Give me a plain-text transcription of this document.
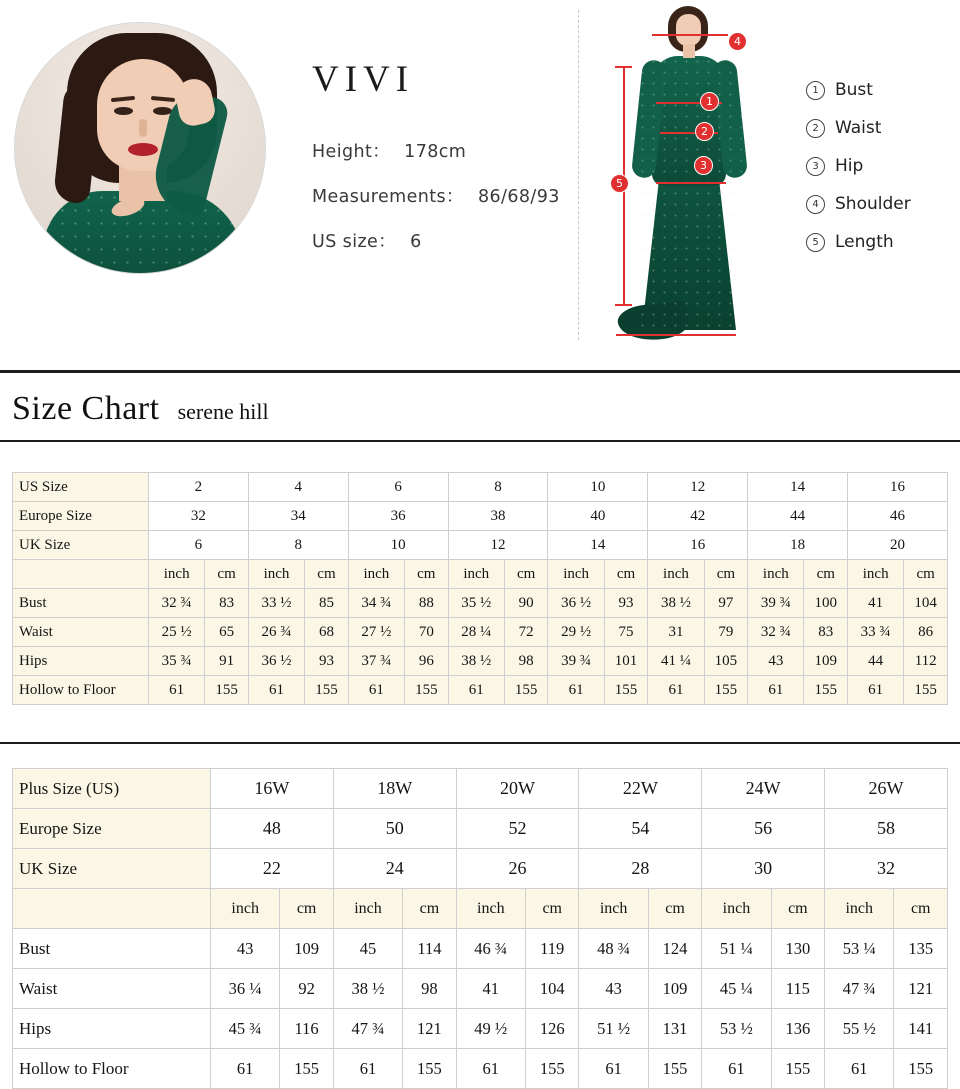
VIVI
Height： 178cm
Measurements： 86/68/93
US size： 6
1
2
3
4
5
1 Bust
2 Waist
3 Hip
4 Shoulder
5 Length
Size Chart serene hill
US Size	2		4		6		8		10		12		14		16	
Europe Size	32		34		36		38		40		42		44		46	
UK Size	6		8		10		12		14		16		18		20	
	inch	cm	inch	cm	inch	cm	inch	cm	inch	cm	inch	cm	inch	cm	inch	cm
Bust	32 ¾	83	33 ½	85	34 ¾	88	35 ½	90	36 ½	93	38 ½	97	39 ¾	100	41	104
Waist	25 ½	65	26 ¾	68	27 ½	70	28 ¼	72	29 ½	75	31	79	32 ¾	83	33 ¾	86
Hips	35 ¾	91	36 ½	93	37 ¾	96	38 ½	98	39 ¾	101	41 ¼	105	43	109	44	112
Hollow to Floor	61	155	61	155	61	155	61	155	61	155	61	155	61	155	61	155
Plus Size (US)	16W		18W		20W		22W		24W		26W	
Europe Size	48		50		52		54		56		58	
UK Size	22		24		26		28		30		32	
	inch	cm	inch	cm	inch	cm	inch	cm	inch	cm	inch	cm
Bust	43	109	45	114	46 ¾	119	48 ¾	124	51 ¼	130	53 ¼	135
Waist	36 ¼	92	38 ½	98	41	104	43	109	45 ¼	115	47 ¾	121
Hips	45 ¾	116	47 ¾	121	49 ½	126	51 ½	131	53 ½	136	55 ½	141
Hollow to Floor	61	155	61	155	61	155	61	155	61	155	61	155
